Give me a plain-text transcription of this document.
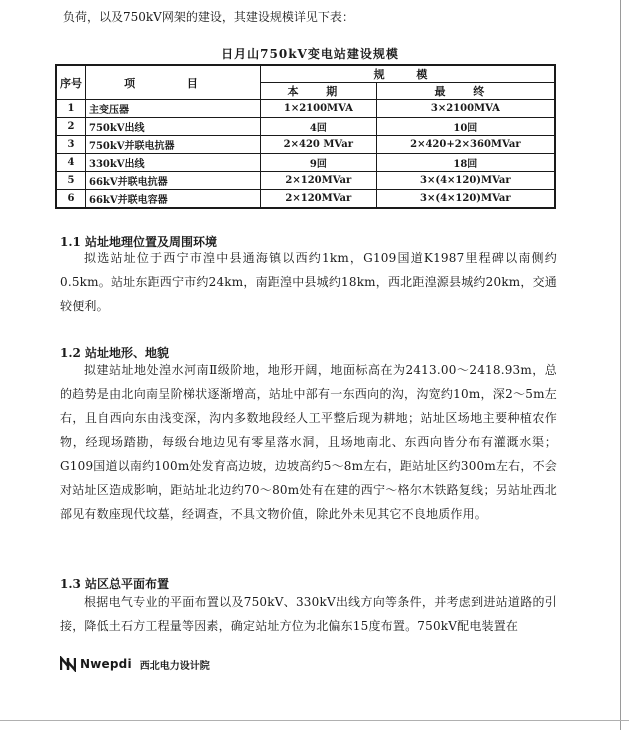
负荷，以及750kV网架的建设，其建设规模详见下表：
日月山750kV变电站建设规模
序号	项 目	规 模	
		本 期	最 终
1	主变压器	1×2100MVA	3×2100MVA
2	750kV出线	4回	10回
3	750kV并联电抗器	2×420 MVar	2×420+2×360MVar
4	330kV出线	9回	18回
5	66kV并联电抗器	2×120MVar	3×(4×120)MVar
6	66kV并联电容器	2×120MVar	3×(4×120)MVar
1.1 站址地理位置及周围环境

拟选站址位于西宁市湟中县通海镇以西约1km，G109国道K1987里程碑以南侧约0.5km。站址东距西宁市约24km，南距湟中县城约18km，西北距湟源县城约20km，交通较便利。

1.2 站址地形、地貌

拟建站址地处湟水河南Ⅱ级阶地，地形开阔，地面标高在为2413.00～2418.93m，总的趋势是由北向南呈阶梯状逐渐增高，站址中部有一东西向的沟，沟宽约10m，深2～5m左右，且自西向东由浅变深，沟内多数地段经人工平整后现为耕地；站址区场地主要种植农作物，经现场踏勘，每级台地边见有零星落水洞，且场地南北、东西向皆分布有灌溉水渠；G109国道以南约100m处发育高边坡，边坡高约5～8m左右，距站址区约300m左右，不会对站址区造成影响，距站址北边约70～80m处有在建的西宁～格尔木铁路复线；另站址西北部见有数座现代坟墓，经调查，不具文物价值，除此外未见其它不良地质作用。

1.3 站区总平面布置

根据电气专业的平面布置以及750kV、330kV出线方向等条件，并考虑到进站道路的引接，降低土石方工程量等因素，确定站址方位为北偏东15度布置。750kV配电装置在

Nwepdi 西北电力设计院
